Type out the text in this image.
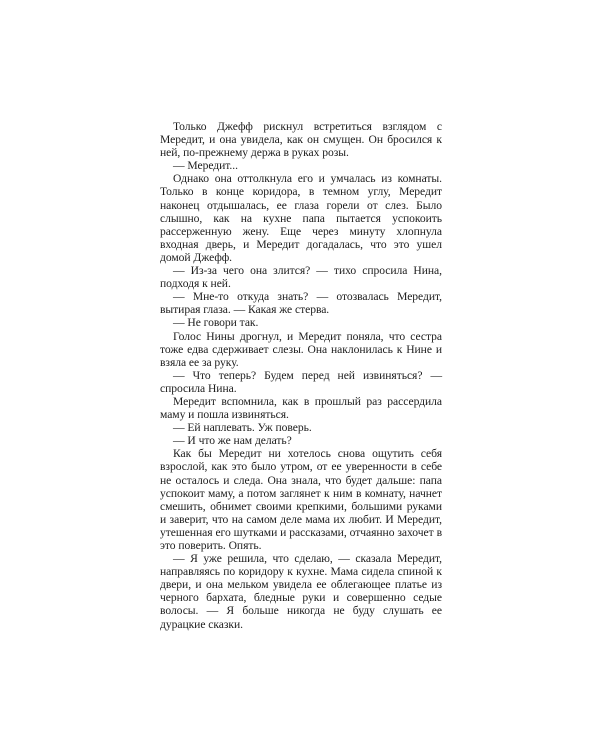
Только Джефф рискнул встретиться взглядом с Мередит, и она увидела, как он смущен. Он бросился к ней, по-прежнему держа в руках розы.

— Мередит...

Однако она оттолкнула его и умчалась из комнаты. Только в конце коридора, в темном углу, Мередит наконец отдышалась, ее глаза горели от слез. Было слышно, как на кухне папа пытается успокоить рассерженную жену. Еще через минуту хлопнула входная дверь, и Мередит догадалась, что это ушел домой Джефф.

— Из-за чего она злится? — тихо спросила Нина, подходя к ней.

— Мне-то откуда знать? — отозвалась Мередит, вытирая глаза. — Какая же стерва.

— Не говори так.

Голос Нины дрогнул, и Мередит поняла, что сестра тоже едва сдерживает слезы. Она наклонилась к Нине и взяла ее за руку.

— Что теперь? Будем перед ней извиняться? — спросила Нина.

Мередит вспомнила, как в прошлый раз рассердила маму и пошла извиняться.

— Ей наплевать. Уж поверь.

— И что же нам делать?

Как бы Мередит ни хотелось снова ощутить себя взрослой, как это было утром, от ее уверенности в себе не осталось и следа. Она знала, что будет дальше: папа успокоит маму, а потом заглянет к ним в комнату, начнет смешить, обнимет своими крепкими, большими руками и заверит, что на самом деле мама их любит. И Мередит, утешенная его шутками и рассказами, отчаянно захочет в это поверить. Опять.

— Я уже решила, что сделаю, — сказала Мередит, направляясь по коридору к кухне. Мама сидела спиной к двери, и она мельком увидела ее облегающее платье из черного бархата, бледные руки и совершенно седые волосы. — Я больше никогда не буду слушать ее дурацкие сказки.
